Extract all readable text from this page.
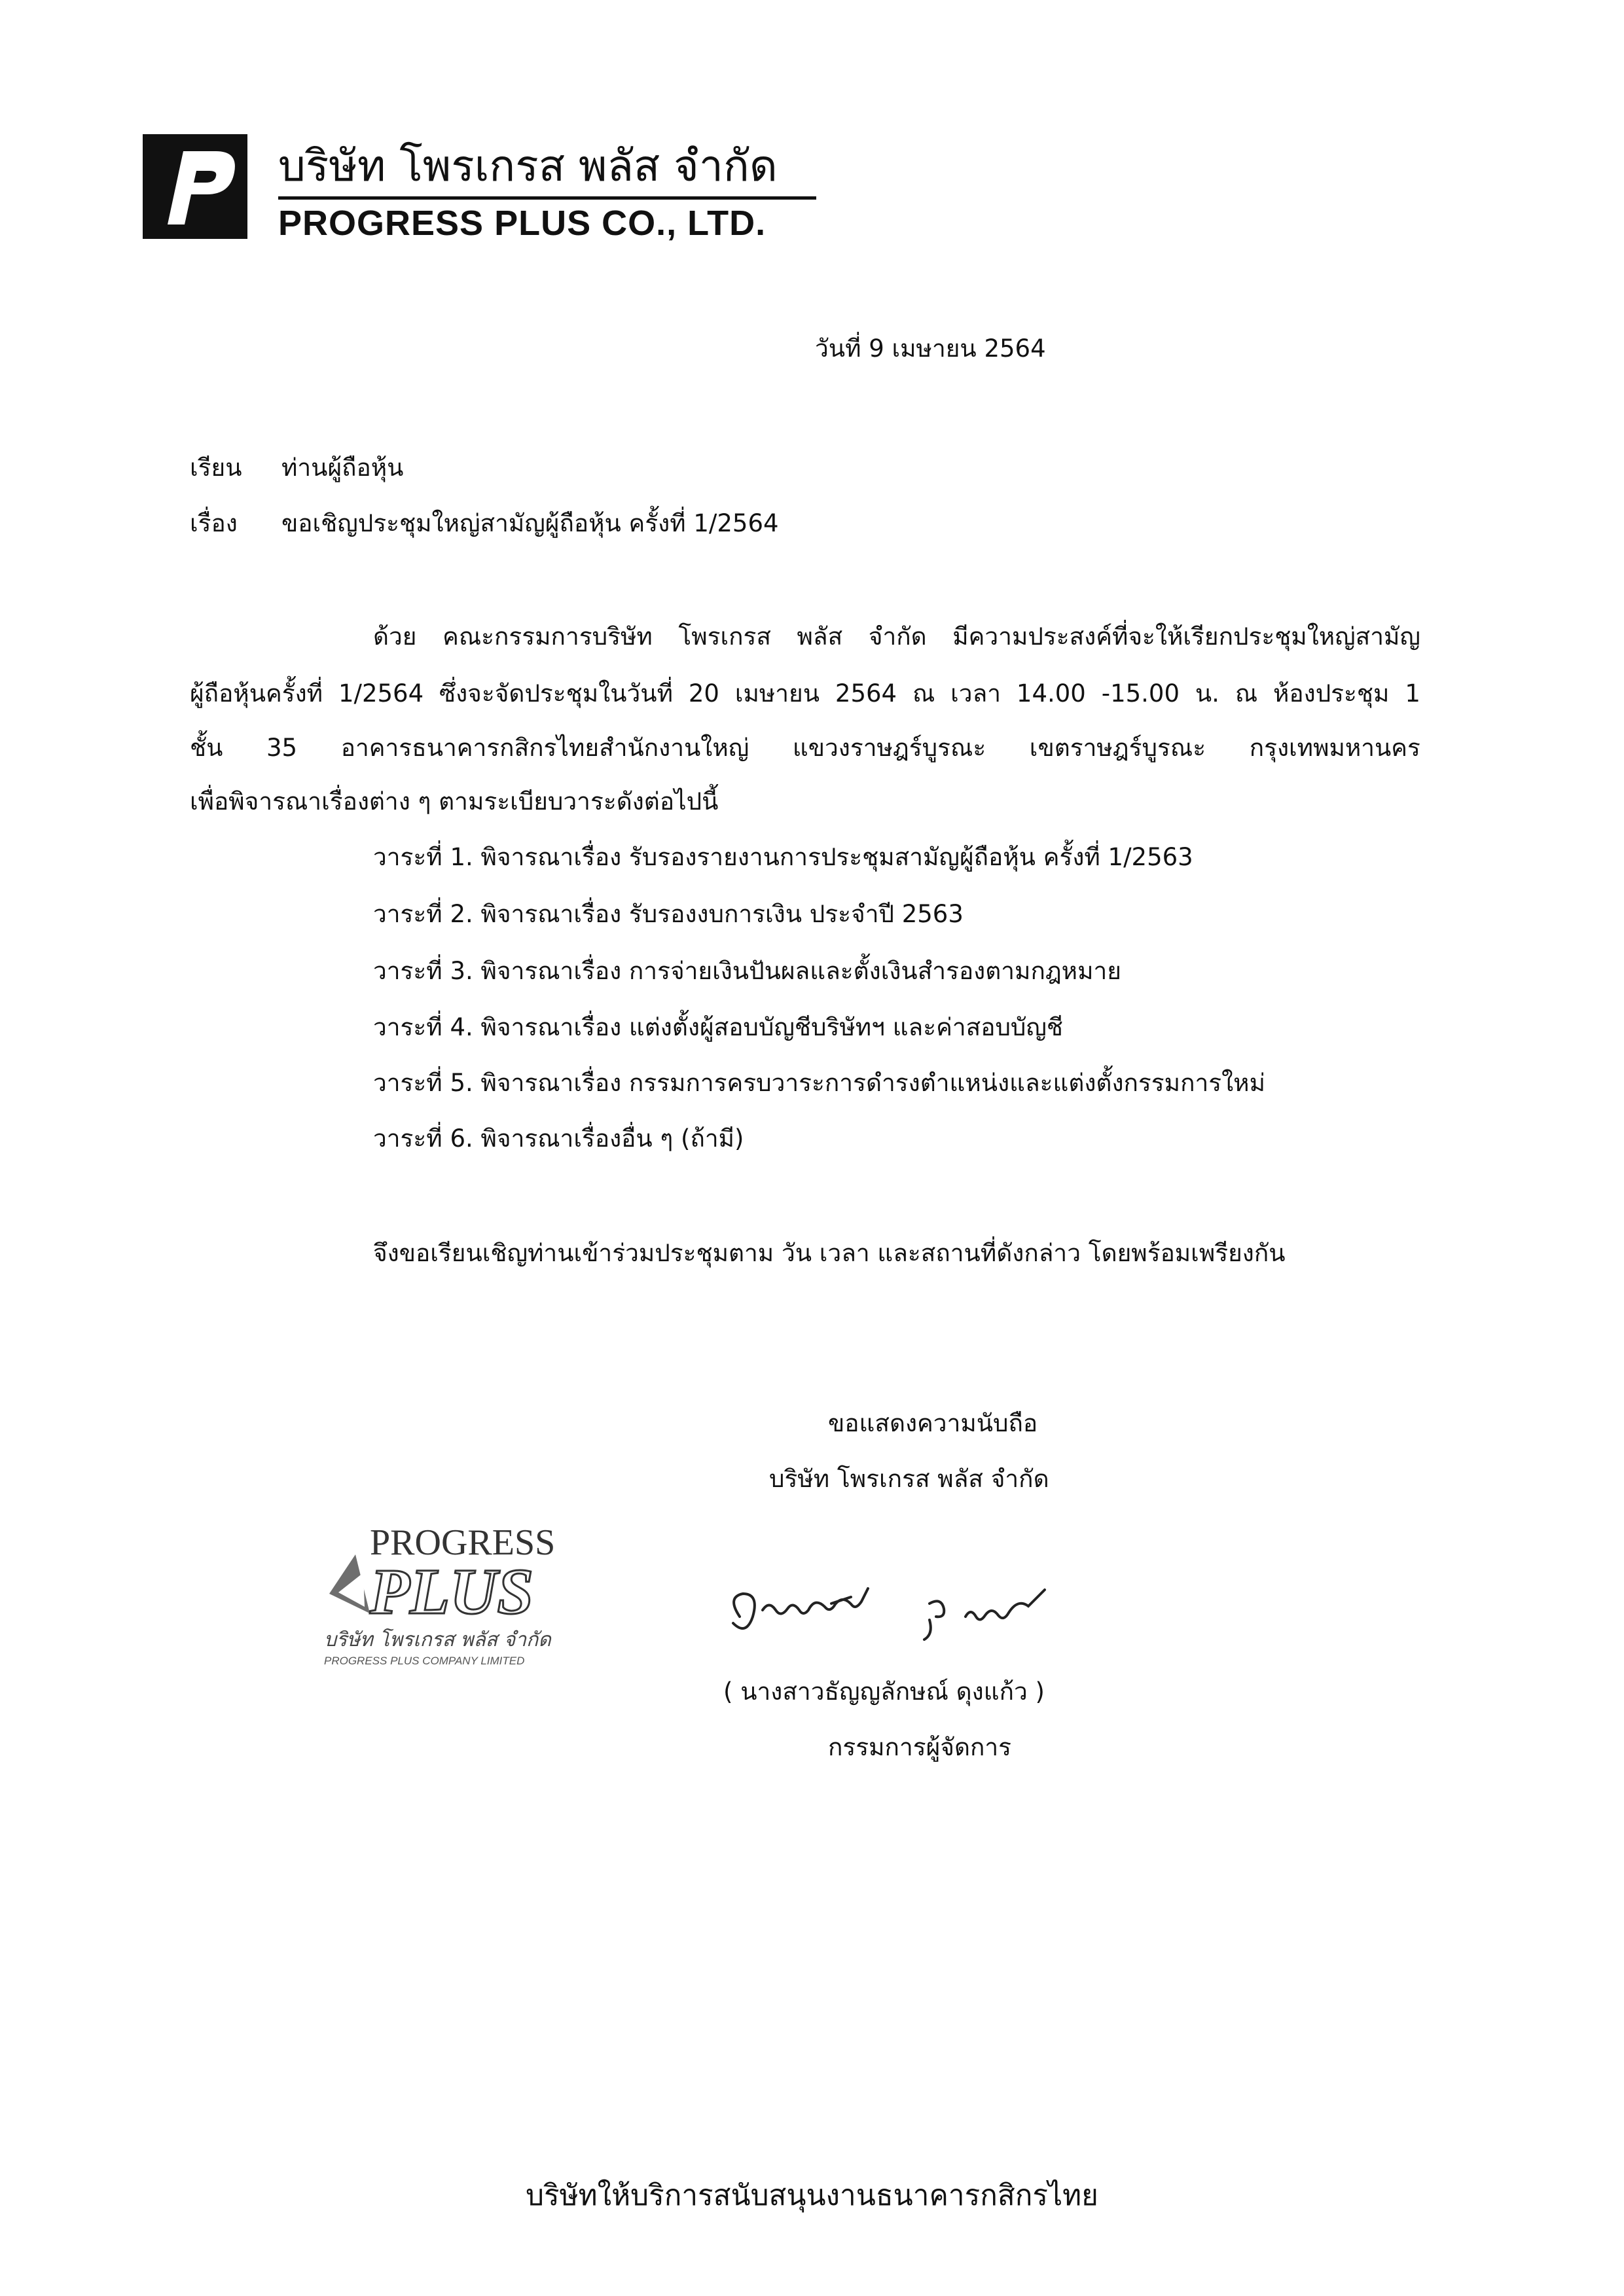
บริษัท โพรเกรส พลัส จำกัด
PROGRESS PLUS CO., LTD.
วันที่ 9 เมษายน 2564
เรียน ท่านผู้ถือหุ้น
เรื่อง ขอเชิญประชุมใหญ่สามัญผู้ถือหุ้น ครั้งที่ 1/2564
ด้วย คณะกรรมการบริษัท โพรเกรส พลัส จำกัด มีความประสงค์ที่จะให้เรียกประชุมใหญ่สามัญ
ผู้ถือหุ้นครั้งที่ 1/2564 ซึ่งจะจัดประชุมในวันที่ 20 เมษายน 2564 ณ เวลา 14.00 -15.00 น. ณ ห้องประชุม 1
ชั้น 35 อาคารธนาคารกสิกรไทยสำนักงานใหญ่ แขวงราษฎร์บูรณะ เขตราษฎร์บูรณะ กรุงเทพมหานคร
เพื่อพิจารณาเรื่องต่าง ๆ ตามระเบียบวาระดังต่อไปนี้
วาระที่ 1. พิจารณาเรื่อง รับรองรายงานการประชุมสามัญผู้ถือหุ้น ครั้งที่ 1/2563
วาระที่ 2. พิจารณาเรื่อง รับรองงบการเงิน ประจำปี 2563
วาระที่ 3. พิจารณาเรื่อง การจ่ายเงินปันผลและตั้งเงินสำรองตามกฎหมาย
วาระที่ 4. พิจารณาเรื่อง แต่งตั้งผู้สอบบัญชีบริษัทฯ และค่าสอบบัญชี
วาระที่ 5. พิจารณาเรื่อง กรรมการครบวาระการดำรงตำแหน่งและแต่งตั้งกรรมการใหม่
วาระที่ 6. พิจารณาเรื่องอื่น ๆ (ถ้ามี)
จึงขอเรียนเชิญท่านเข้าร่วมประชุมตาม วัน เวลา และสถานที่ดังกล่าว โดยพร้อมเพรียงกัน
ขอแสดงความนับถือ
บริษัท โพรเกรส พลัส จำกัด
PROGRESS
PLUS
บริษัท โพรเกรส พลัส จำกัด
PROGRESS PLUS COMPANY LIMITED
( นางสาวธัญญลักษณ์ ดุงแก้ว )
กรรมการผู้จัดการ
บริษัทให้บริการสนับสนุนงานธนาคารกสิกรไทย
